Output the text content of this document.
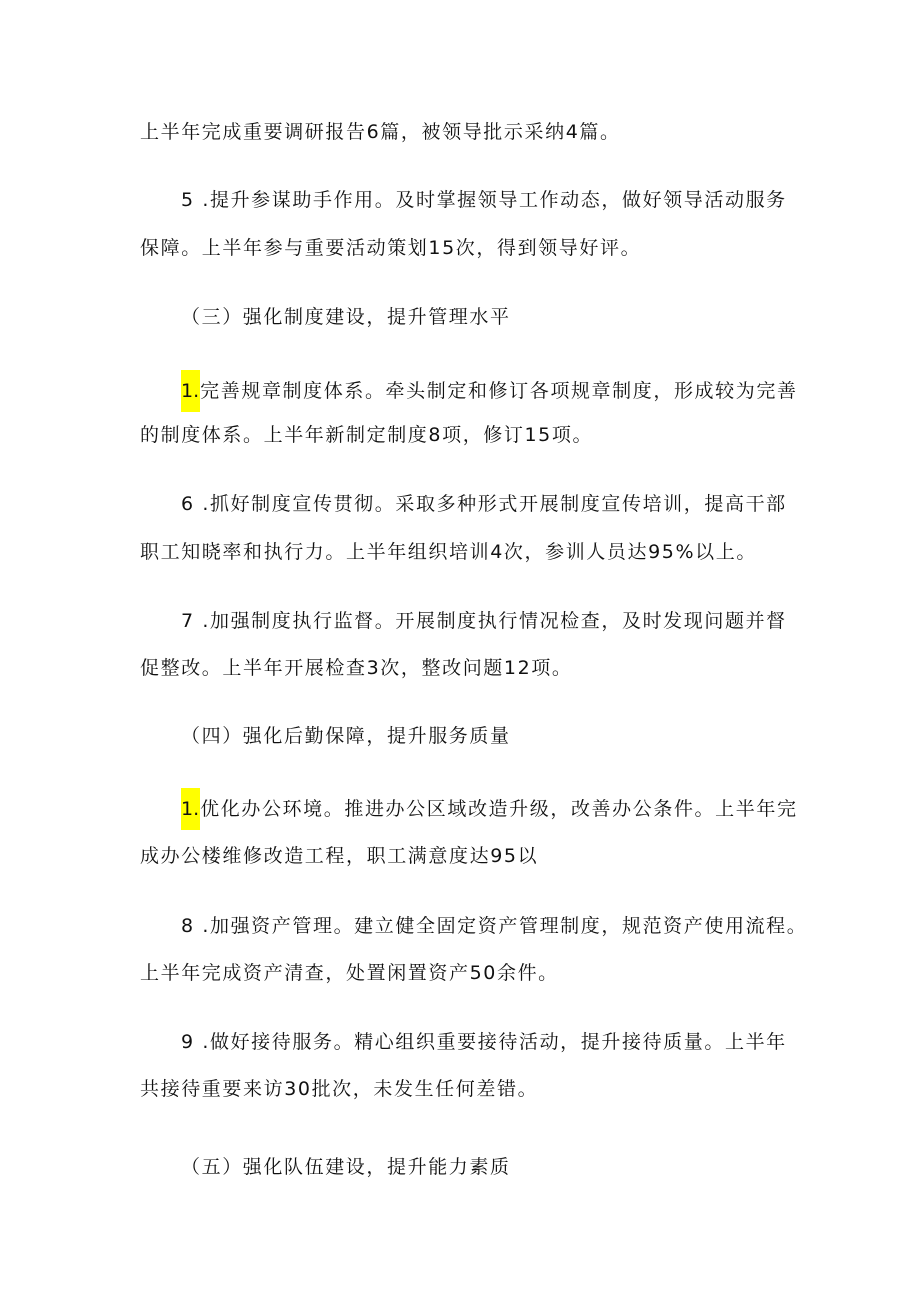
上半年完成重要调研报告6篇，被领导批示采纳4篇。

5 .提升参谋助手作用。及时掌握领导工作动态，做好领导活动服务

保障。上半年参与重要活动策划15次，得到领导好评。

（三）强化制度建设，提升管理水平

1.完善规章制度体系。牵头制定和修订各项规章制度，形成较为完善

的制度体系。上半年新制定制度8项，修订15项。

6 .抓好制度宣传贯彻。采取多种形式开展制度宣传培训，提高干部

职工知晓率和执行力。上半年组织培训4次，参训人员达95%以上。

7 .加强制度执行监督。开展制度执行情况检查，及时发现问题并督

促整改。上半年开展检查3次，整改问题12项。

（四）强化后勤保障，提升服务质量

1.优化办公环境。推进办公区域改造升级，改善办公条件。上半年完

成办公楼维修改造工程，职工满意度达95以

8 .加强资产管理。建立健全固定资产管理制度，规范资产使用流程。

上半年完成资产清查，处置闲置资产50余件。

9 .做好接待服务。精心组织重要接待活动，提升接待质量。上半年

共接待重要来访30批次，未发生任何差错。

（五）强化队伍建设，提升能力素质
